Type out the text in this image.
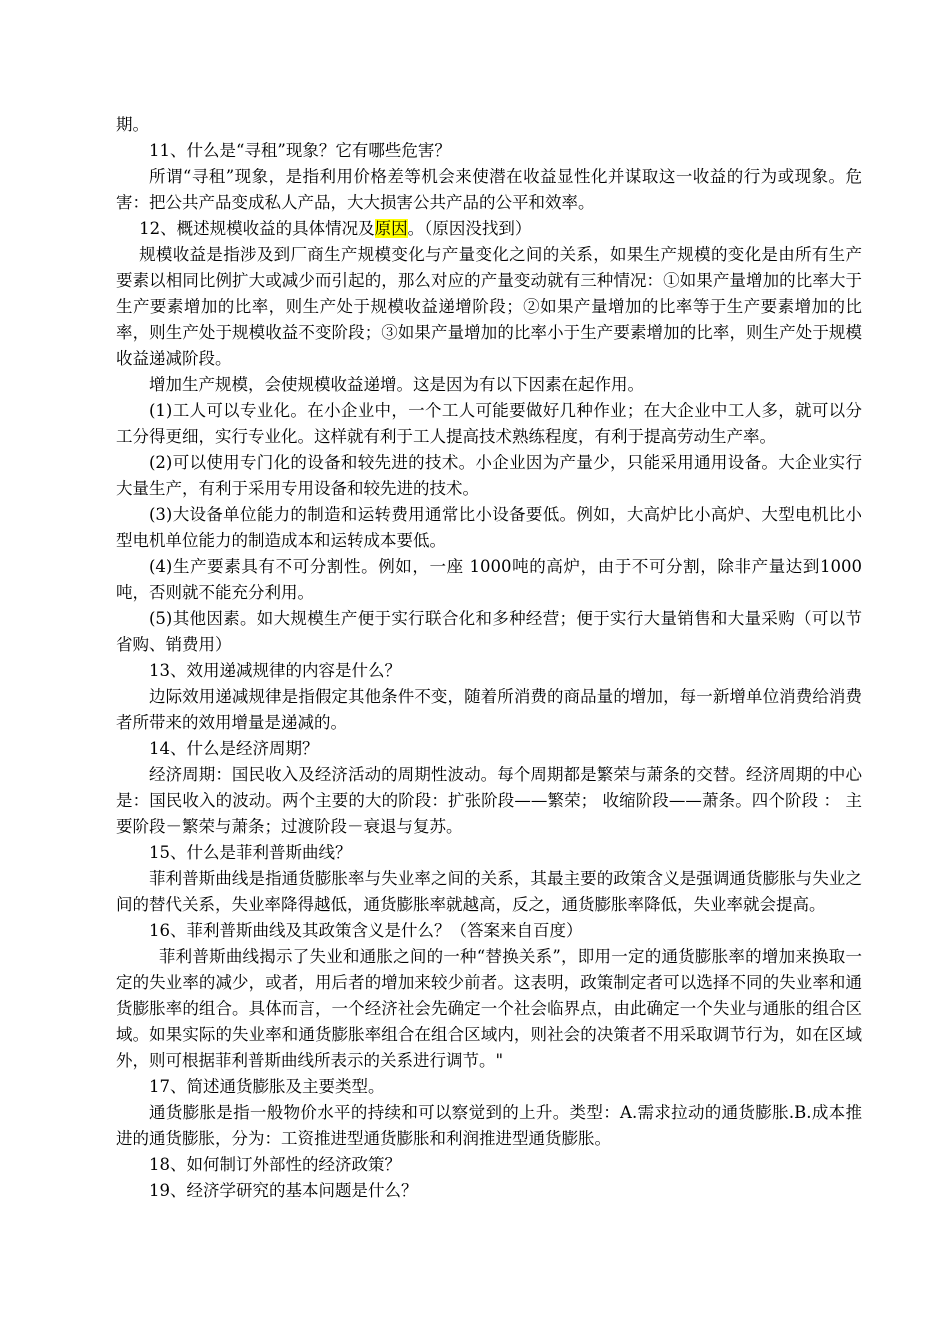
期。

11、什么是“寻租”现象？它有哪些危害？

所谓“寻租”现象，是指利用价格差等机会来使潜在收益显性化并谋取这一收益的行为或现象。危害：把公共产品变成私人产品，大大损害公共产品的公平和效率。

12、概述规模收益的具体情况及原因。（原因没找到）

规模收益是指涉及到厂商生产规模变化与产量变化之间的关系，如果生产规模的变化是由所有生产要素以相同比例扩大或减少而引起的，那么对应的产量变动就有三种情况：①如果产量增加的比率大于生产要素增加的比率，则生产处于规模收益递增阶段；②如果产量增加的比率等于生产要素增加的比率，则生产处于规模收益不变阶段；③如果产量增加的比率小于生产要素增加的比率，则生产处于规模收益递减阶段。

增加生产规模，会使规模收益递增。这是因为有以下因素在起作用。

(1)工人可以专业化。在小企业中，一个工人可能要做好几种作业；在大企业中工人多，就可以分工分得更细，实行专业化。这样就有利于工人提高技术熟练程度，有利于提高劳动生产率。

(2)可以使用专门化的设备和较先进的技术。小企业因为产量少，只能采用通用设备。大企业实行大量生产，有利于采用专用设备和较先进的技术。

(3)大设备单位能力的制造和运转费用通常比小设备要低。例如，大高炉比小高炉、大型电机比小型电机单位能力的制造成本和运转成本要低。

(4)生产要素具有不可分割性。例如，一座 1000吨的高炉，由于不可分割，除非产量达到1000吨，否则就不能充分利用。

(5)其他因素。如大规模生产便于实行联合化和多种经营；便于实行大量销售和大量采购（可以节省购、销费用）

13、效用递减规律的内容是什么？

边际效用递减规律是指假定其他条件不变，随着所消费的商品量的增加，每一新增单位消费给消费者所带来的效用增量是递减的。

14、什么是经济周期？

经济周期：国民收入及经济活动的周期性波动。每个周期都是繁荣与萧条的交替。经济周期的中心是：国民收入的波动。两个主要的大的阶段：扩张阶段——繁荣； 收缩阶段——萧条。四个阶段 ： 主要阶段－繁荣与萧条；过渡阶段－衰退与复苏。

15、什么是菲利普斯曲线？

菲利普斯曲线是指通货膨胀率与失业率之间的关系，其最主要的政策含义是强调通货膨胀与失业之间的替代关系，失业率降得越低，通货膨胀率就越高，反之，通货膨胀率降低，失业率就会提高。

16、菲利普斯曲线及其政策含义是什么？（答案来自百度）

菲利普斯曲线揭示了失业和通胀之间的一种“替换关系”，即用一定的通货膨胀率的增加来换取一定的失业率的减少，或者，用后者的增加来较少前者。这表明，政策制定者可以选择不同的失业率和通货膨胀率的组合。具体而言，一个经济社会先确定一个社会临界点，由此确定一个失业与通胀的组合区域。如果实际的失业率和通货膨胀率组合在组合区域内，则社会的决策者不用采取调节行为，如在区域外，则可根据菲利普斯曲线所表示的关系进行调节。"

17、简述通货膨胀及主要类型。

通货膨胀是指一般物价水平的持续和可以察觉到的上升。类型：A.需求拉动的通货膨胀.B.成本推进的通货膨胀，分为：工资推进型通货膨胀和利润推进型通货膨胀。

18、如何制订外部性的经济政策？

19、经济学研究的基本问题是什么？
